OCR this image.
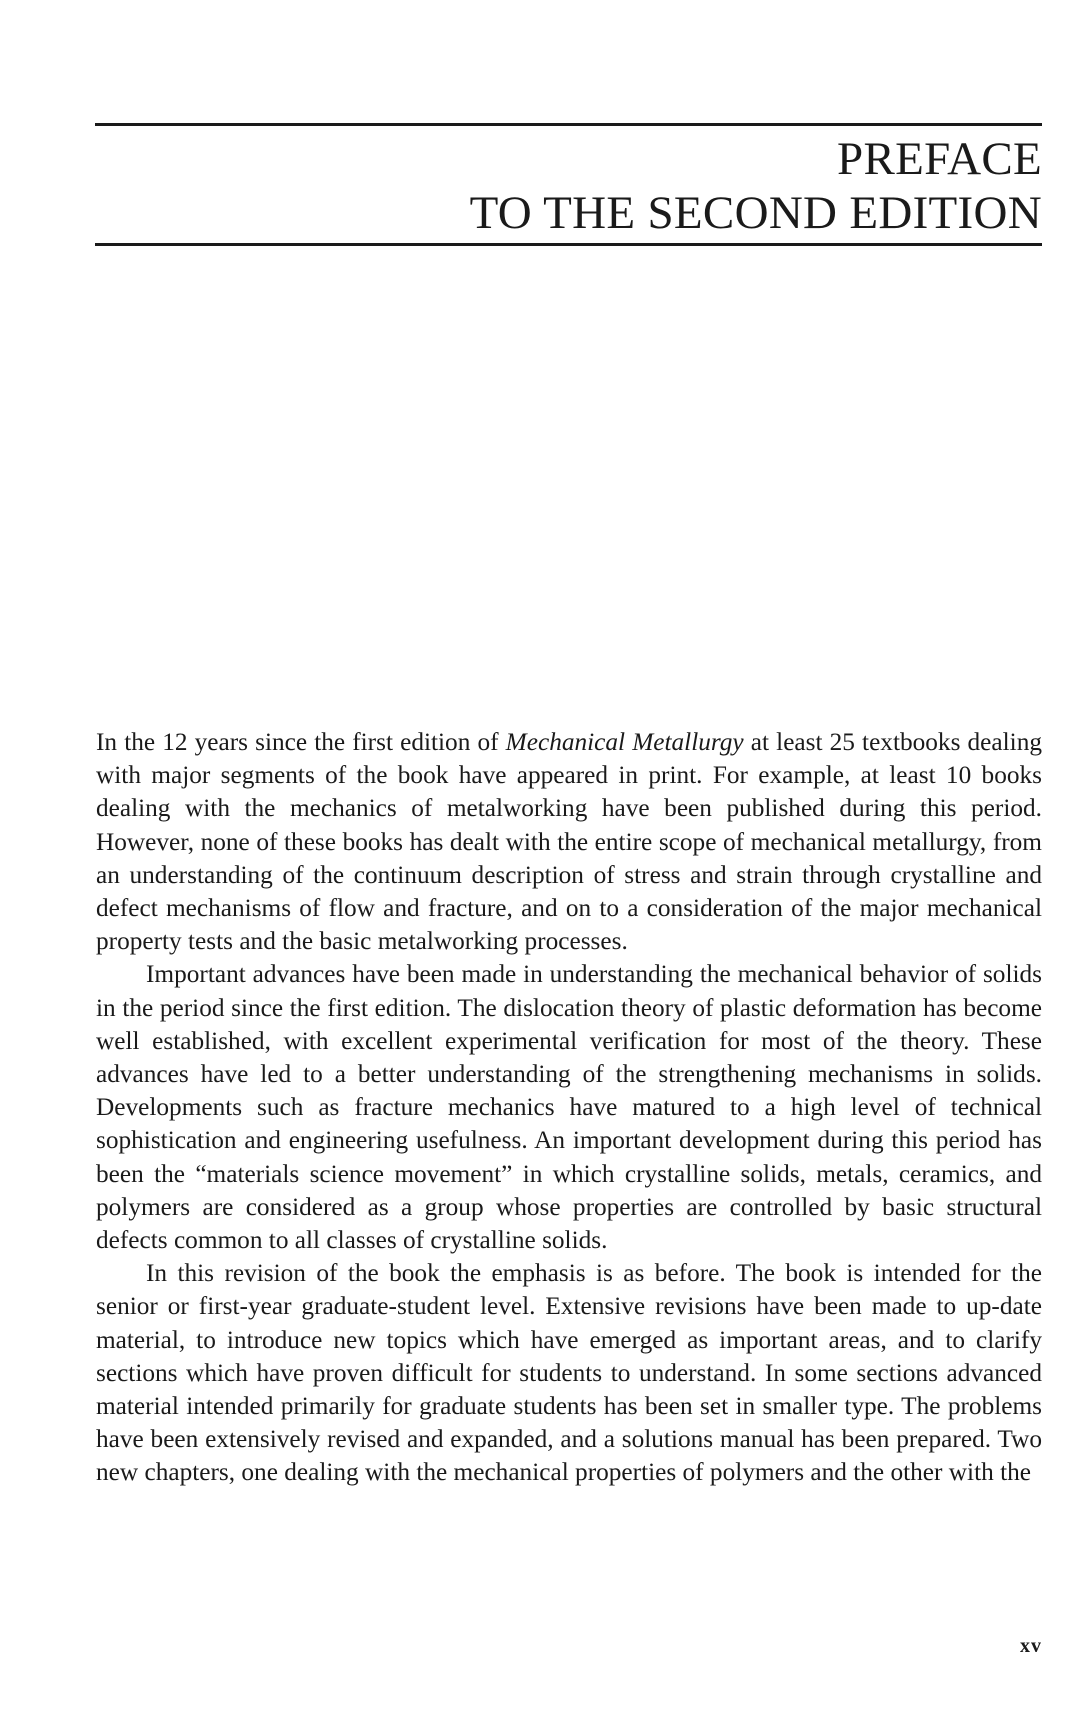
PREFACE
TO THE SECOND EDITION

In the 12 years since the first edition of Mechanical Metallurgy at least 25 textbooks dealing with major segments of the book have appeared in print. For example, at least 10 books dealing with the mechanics of metalworking have been published during this period. However, none of these books has dealt with the entire scope of mechanical metallurgy, from an understanding of the continuum description of stress and strain through crystalline and defect mechanisms of flow and fracture, and on to a consideration of the major mechanical property tests and the basic metalworking processes.

Important advances have been made in understanding the mechanical behavior of solids in the period since the first edition. The dislocation theory of plastic deformation has become well established, with excellent experimental verification for most of the theory. These advances have led to a better understanding of the strengthening mechanisms in solids. Developments such as fracture mechanics have matured to a high level of technical sophistication and engineering usefulness. An important development during this period has been the “materials science movement” in which crystalline solids, metals, ceramics, and polymers are considered as a group whose properties are controlled by basic structural defects common to all classes of crystalline solids.

In this revision of the book the emphasis is as before. The book is intended for the senior or first-year graduate-student level. Extensive revisions have been made to up-date material, to introduce new topics which have emerged as important areas, and to clarify sections which have proven difficult for students to understand. In some sections advanced material intended primarily for graduate students has been set in smaller type. The problems have been extensively revised and expanded, and a solutions manual has been prepared. Two new chapters, one dealing with the mechanical properties of polymers and the other with the

xv
